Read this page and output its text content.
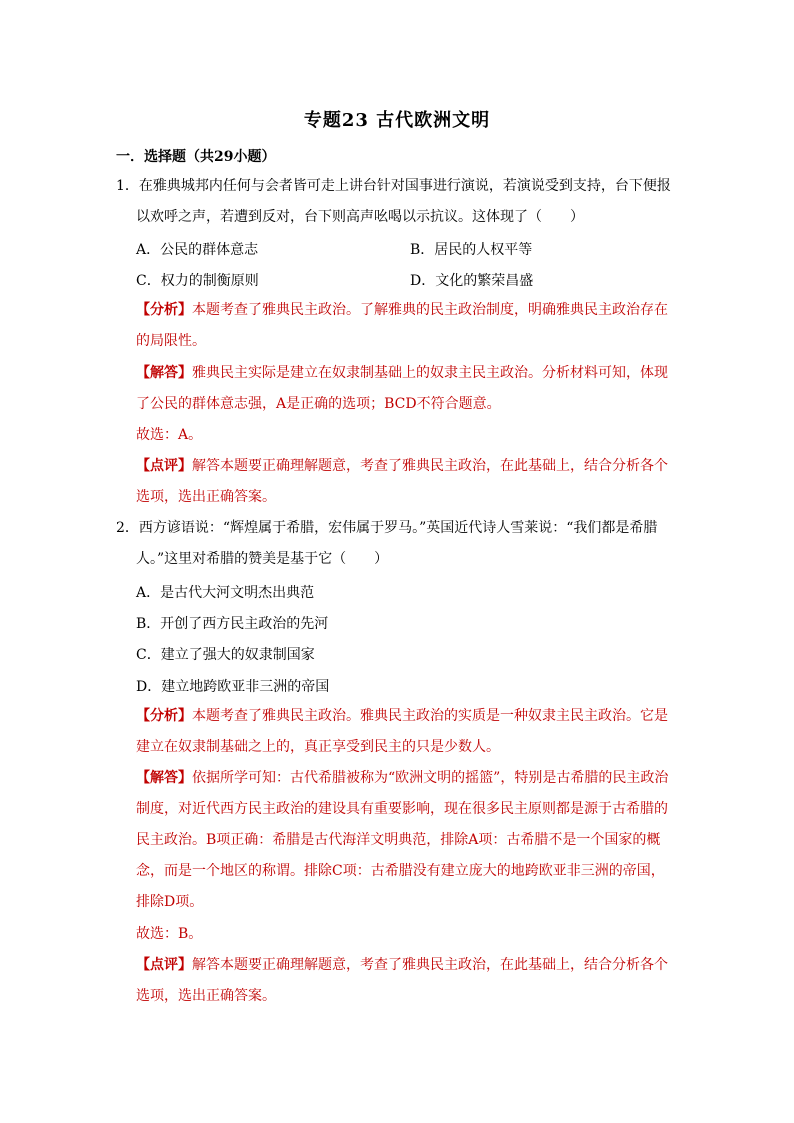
专题23 古代欧洲文明
一．选择题（共29小题）
1．在雅典城邦内任何与会者皆可走上讲台针对国事进行演说，若演说受到支持，台下便报
以欢呼之声，若遭到反对，台下则高声吆喝以示抗议。这体现了（　　）
A．公民的群体意志	B．居民的人权平等
C．权力的制衡原则	D．文化的繁荣昌盛
【分析】本题考查了雅典民主政治。了解雅典的民主政治制度，明确雅典民主政治存在
的局限性。
【解答】雅典民主实际是建立在奴隶制基础上的奴隶主民主政治。分析材料可知，体现
了公民的群体意志强，A是正确的选项；BCD不符合题意。
故选：A。
【点评】解答本题要正确理解题意，考查了雅典民主政治，在此基础上，结合分析各个
选项，选出正确答案。
2．西方谚语说：“辉煌属于希腊，宏伟属于罗马。”英国近代诗人雪莱说：“我们都是希腊
人。”这里对希腊的赞美是基于它（　　）
A．是古代大河文明杰出典范
B．开创了西方民主政治的先河
C．建立了强大的奴隶制国家
D．建立地跨欧亚非三洲的帝国
【分析】本题考查了雅典民主政治。雅典民主政治的实质是一种奴隶主民主政治。它是
建立在奴隶制基础之上的，真正享受到民主的只是少数人。
【解答】依据所学可知：古代希腊被称为“欧洲文明的摇篮”，特别是古希腊的民主政治
制度，对近代西方民主政治的建设具有重要影响，现在很多民主原则都是源于古希腊的
民主政治。B项正确：希腊是古代海洋文明典范，排除A项：古希腊不是一个国家的概
念，而是一个地区的称谓。排除C项：古希腊没有建立庞大的地跨欧亚非三洲的帝国，
排除D项。
故选：B。
【点评】解答本题要正确理解题意，考查了雅典民主政治，在此基础上，结合分析各个
选项，选出正确答案。
